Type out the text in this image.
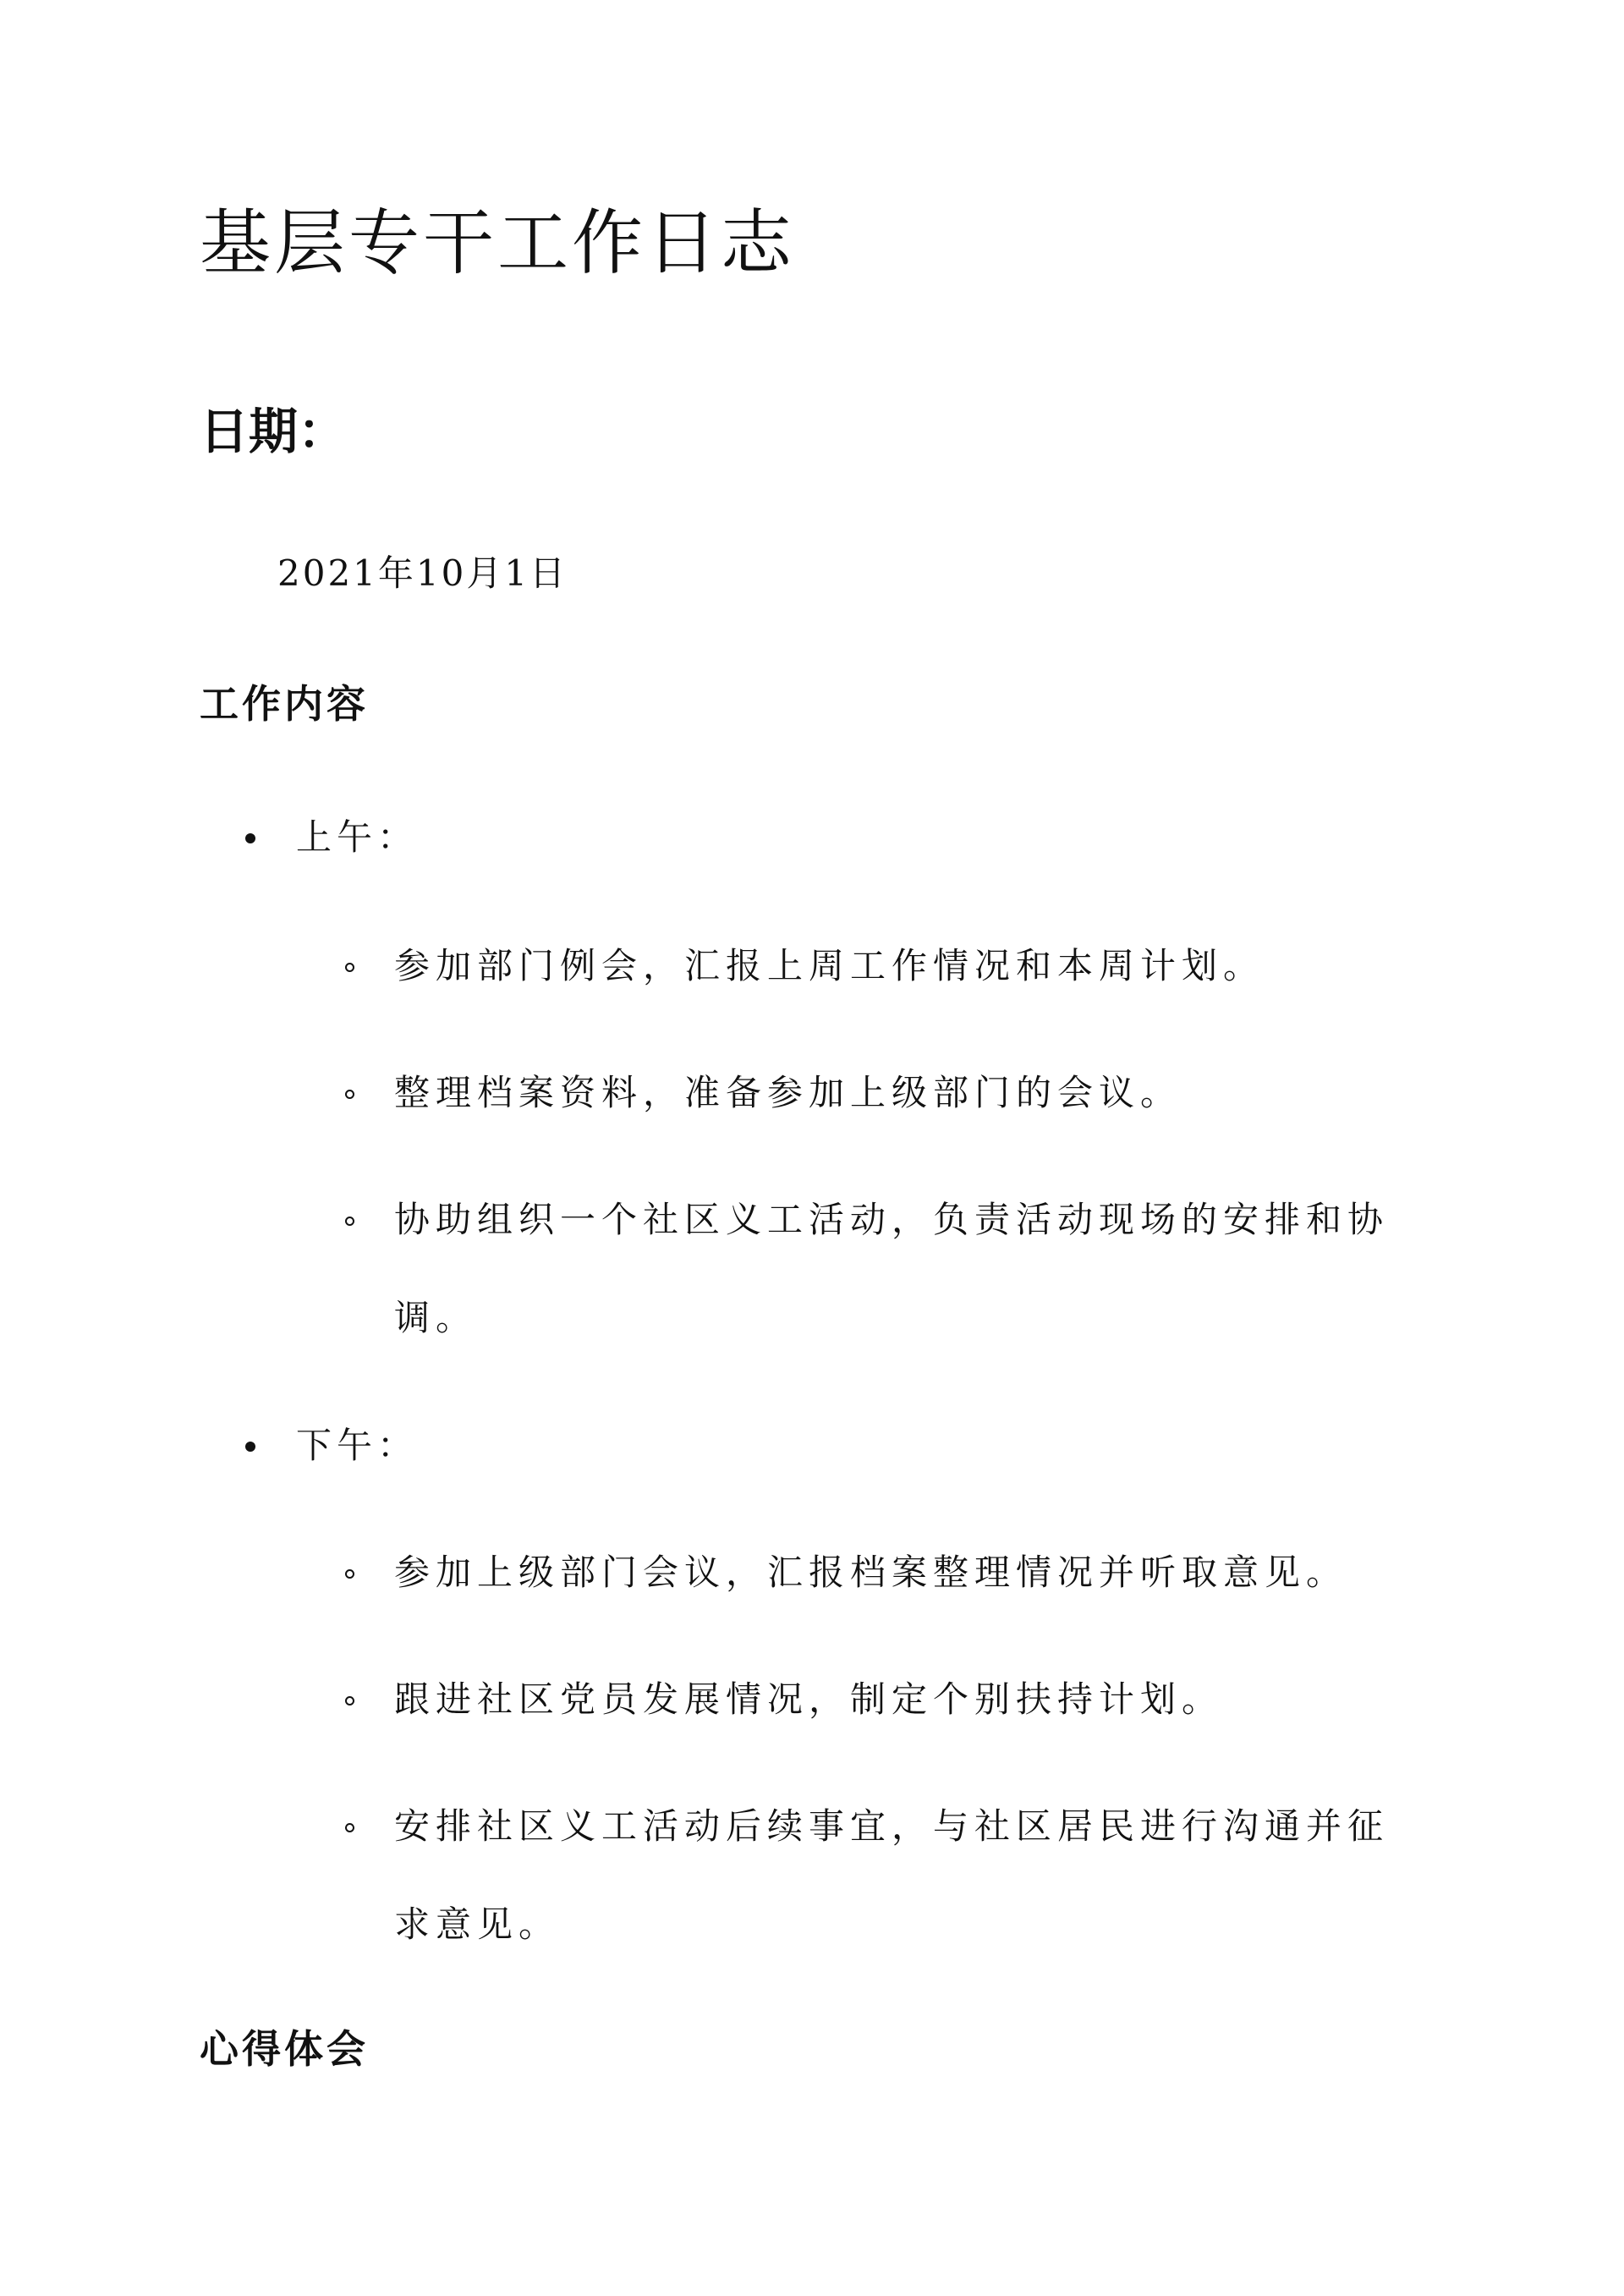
基层专干工作日志
日期：

2021年10月1日

工作内容
上午：
参加部门例会，汇报上周工作情况和本周计划。
整理档案资料，准备参加上级部门的会议。
协助组织一个社区义工活动，负责活动现场的安排和协调。
下午：
参加上级部门会议，汇报档案整理情况并听取意见。
跟进社区党员发展情况，制定个别扶持计划。
安排社区义工活动后续事宜，与社区居民进行沟通并征求意见。
心得体会
